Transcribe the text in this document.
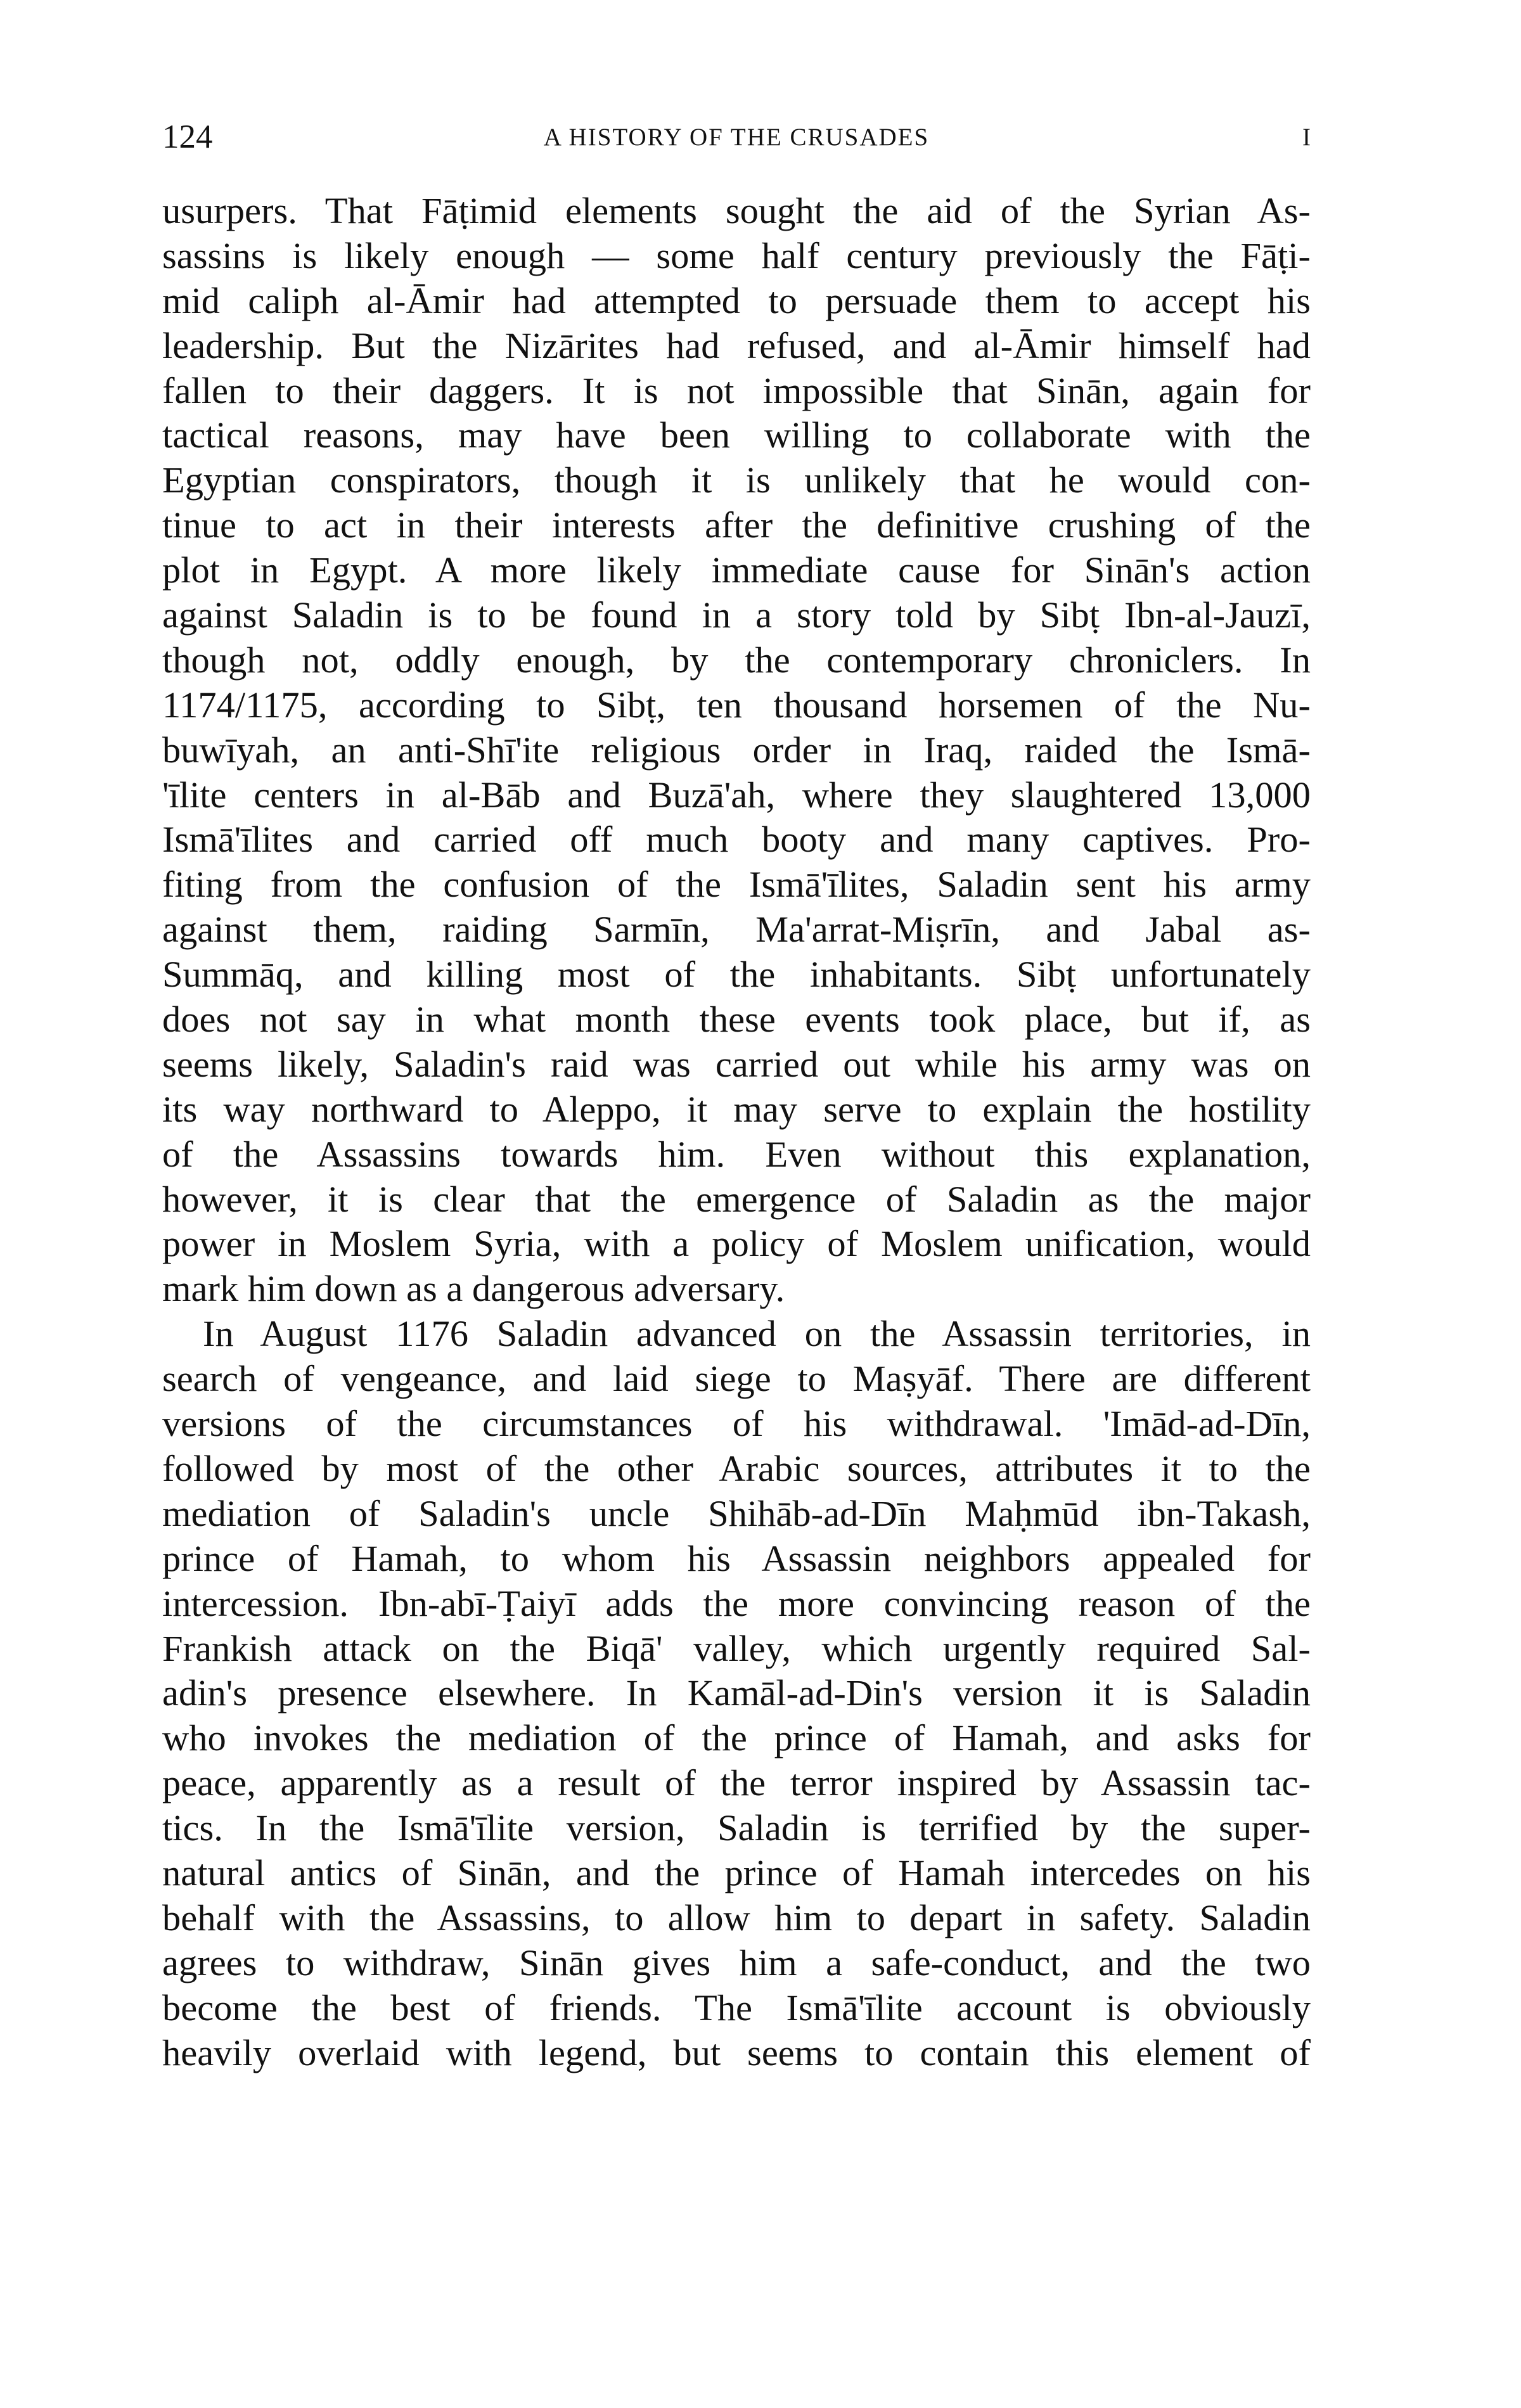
124	A HISTORY OF THE CRUSADES	I
usurpers. That Fāṭimid elements sought the aid of the Syrian As-
sassins is likely enough — some half century previously the Fāṭi-
mid caliph al-Āmir had attempted to persuade them to accept his
leadership. But the Nizārites had refused, and al-Āmir himself had
fallen to their daggers. It is not impossible that Sinān, again for
tactical reasons, may have been willing to collaborate with the
Egyptian conspirators, though it is unlikely that he would con-
tinue to act in their interests after the definitive crushing of the
plot in Egypt. A more likely immediate cause for Sinān's action
against Saladin is to be found in a story told by Sibṭ Ibn-al-Jauzī,
though not, oddly enough, by the contemporary chroniclers. In
1174/1175, according to Sibṭ, ten thousand horsemen of the Nu-
buwīyah, an anti-Shī'ite religious order in Iraq, raided the Ismā-
'īlite centers in al-Bāb and Buzā'ah, where they slaughtered 13,000
Ismā'īlites and carried off much booty and many captives. Pro-
fiting from the confusion of the Ismā'īlites, Saladin sent his army
against them, raiding Sarmīn, Ma'arrat-Miṣrīn, and Jabal as-
Summāq, and killing most of the inhabitants. Sibṭ unfortunately
does not say in what month these events took place, but if, as
seems likely, Saladin's raid was carried out while his army was on
its way northward to Aleppo, it may serve to explain the hostility
of the Assassins towards him. Even without this explanation,
however, it is clear that the emergence of Saladin as the major
power in Moslem Syria, with a policy of Moslem unification, would
mark him down as a dangerous adversary.
In August 1176 Saladin advanced on the Assassin territories, in
search of vengeance, and laid siege to Maṣyāf. There are different
versions of the circumstances of his withdrawal. 'Imād-ad-Dīn,
followed by most of the other Arabic sources, attributes it to the
mediation of Saladin's uncle Shihāb-ad-Dīn Maḥmūd ibn-Takash,
prince of Hamah, to whom his Assassin neighbors appealed for
intercession. Ibn-abī-Ṭaiyī adds the more convincing reason of the
Frankish attack on the Biqā' valley, which urgently required Sal-
adin's presence elsewhere. In Kamāl-ad-Din's version it is Saladin
who invokes the mediation of the prince of Hamah, and asks for
peace, apparently as a result of the terror inspired by Assassin tac-
tics. In the Ismā'īlite version, Saladin is terrified by the super-
natural antics of Sinān, and the prince of Hamah intercedes on his
behalf with the Assassins, to allow him to depart in safety. Saladin
agrees to withdraw, Sinān gives him a safe-conduct, and the two
become the best of friends. The Ismā'īlite account is obviously
heavily overlaid with legend, but seems to contain this element of
